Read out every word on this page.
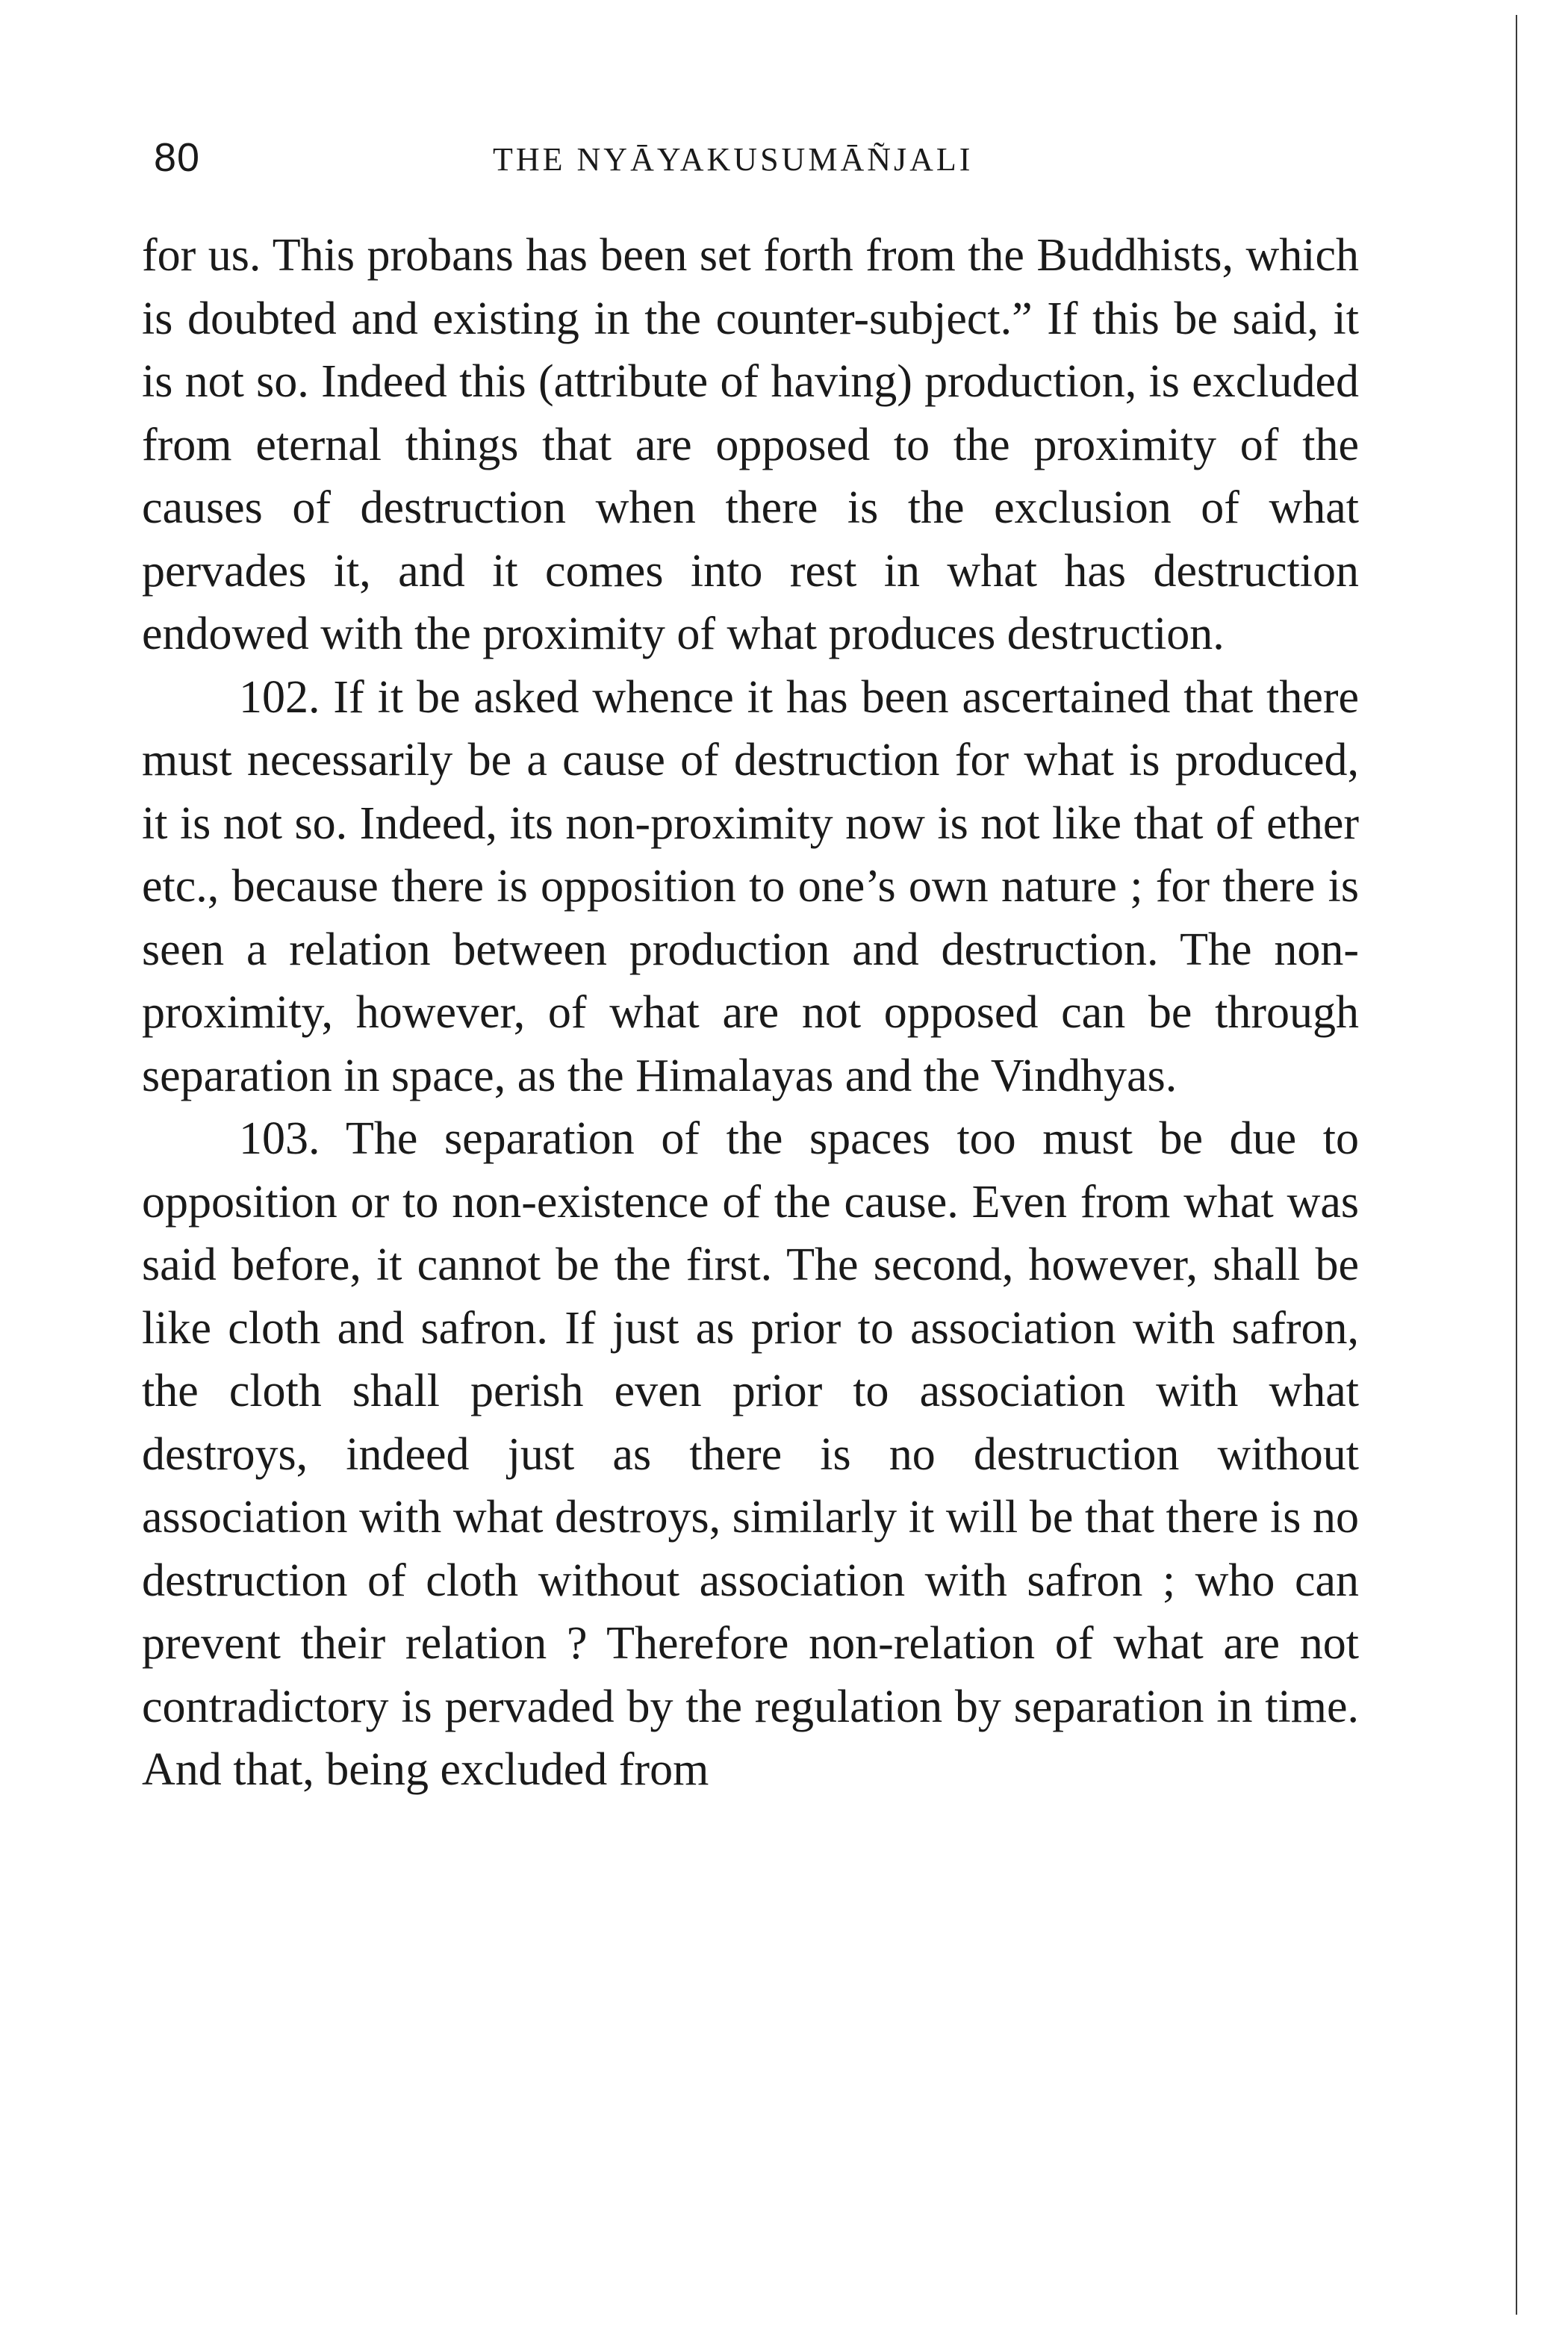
80	THE NYĀYAKUSUMĀÑJALI

for us. This probans has been set forth from the Buddhists, which is doubted and existing in the counter-subject.” If this be said, it is not so. Indeed this (attribute of having) production, is excluded from eternal things that are opposed to the proximity of the causes of destruction when there is the exclusion of what pervades it, and it comes into rest in what has destruction endowed with the proximity of what produces destruction.

102. If it be asked whence it has been ascertained that there must necessarily be a cause of destruction for what is produced, it is not so. Indeed, its non-proximity now is not like that of ether etc., because there is opposition to one’s own nature ; for there is seen a relation between production and destruction. The non-proximity, however, of what are not opposed can be through separation in space, as the Himalayas and the Vindhyas.

103. The separation of the spaces too must be due to opposition or to non-existence of the cause. Even from what was said before, it cannot be the first. The second, however, shall be like cloth and safron. If just as prior to association with safron, the cloth shall perish even prior to association with what destroys, indeed just as there is no destruction without association with what destroys, similarly it will be that there is no destruction of cloth without association with safron ; who can prevent their relation ? Therefore non-relation of what are not contradictory is pervaded by the regulation by separation in time. And that, being excluded from
